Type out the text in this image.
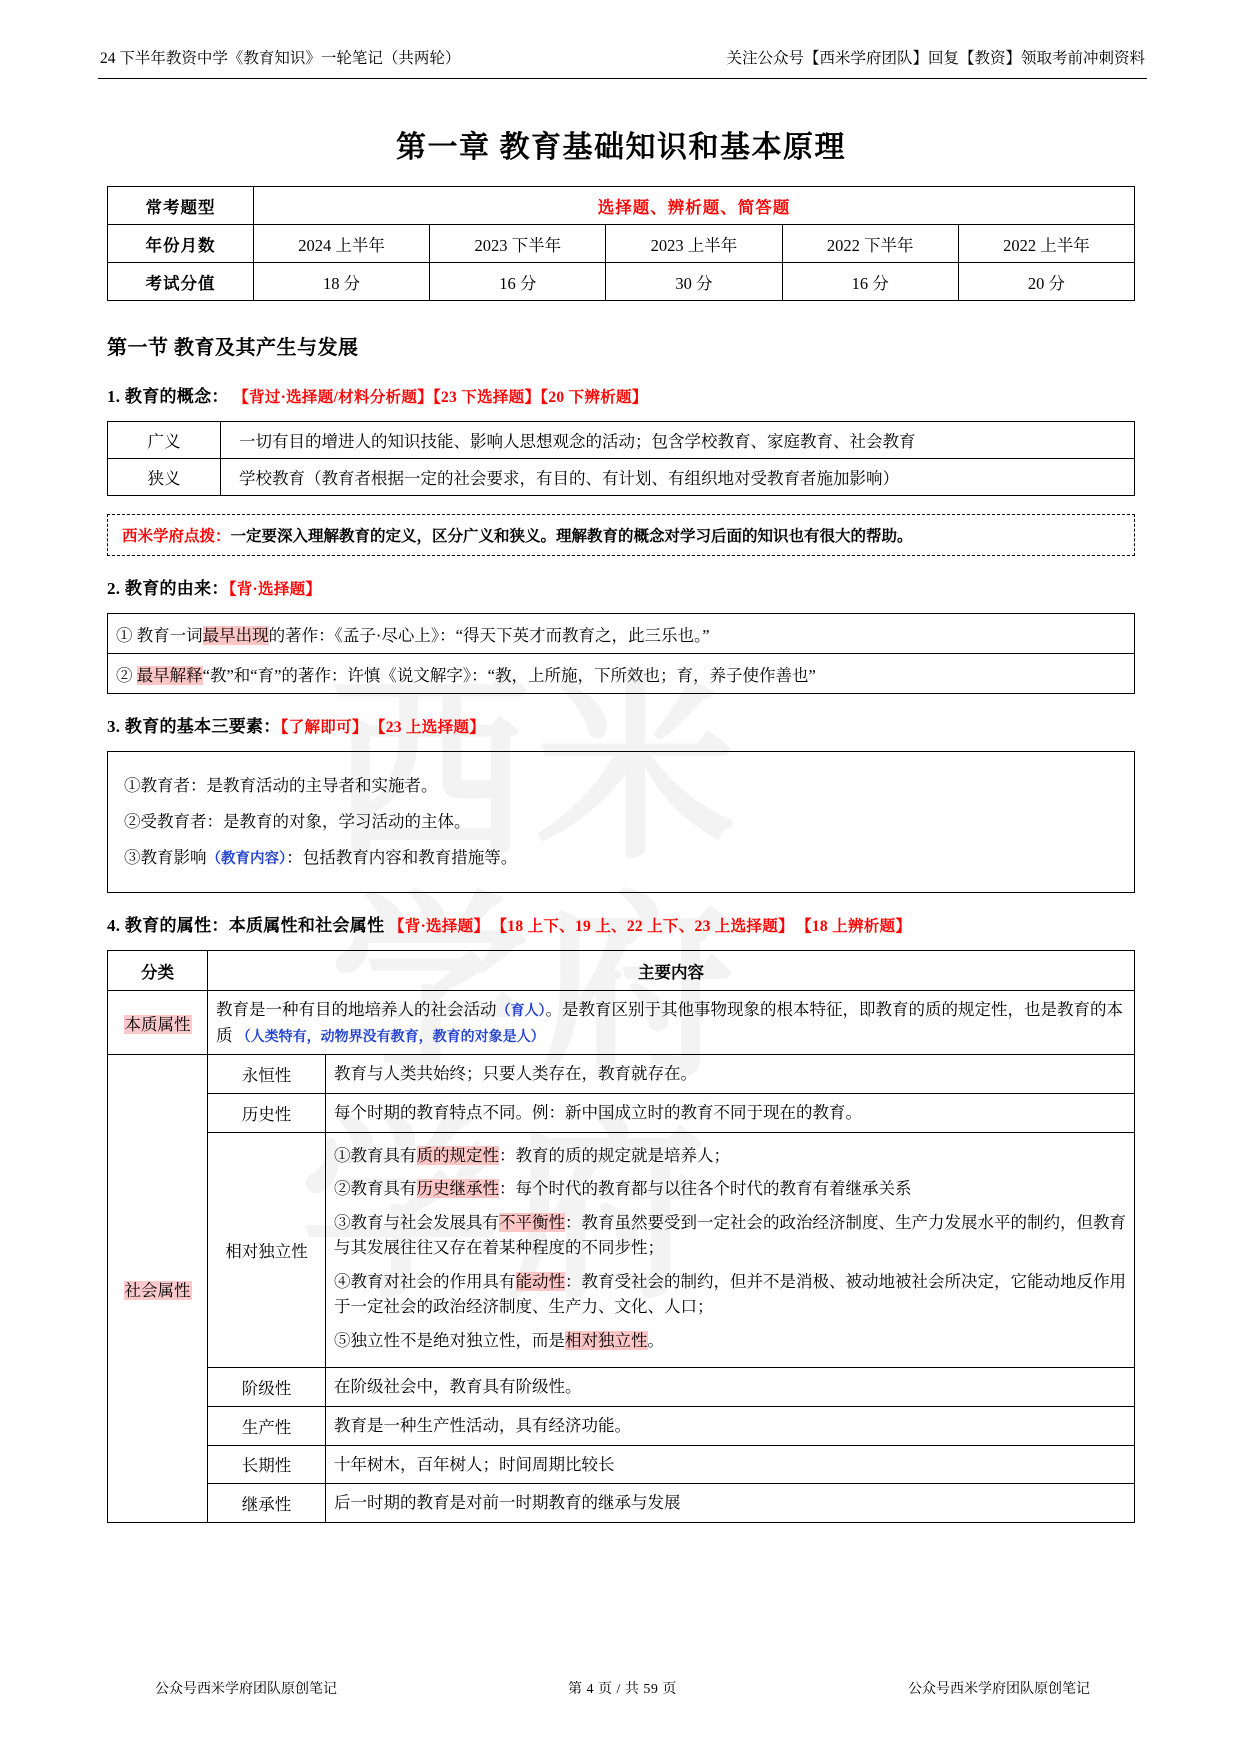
24 下半年教资中学《教育知识》一轮笔记（共两轮）	关注公众号【西米学府团队】回复【教资】领取考前冲刺资料
第一章 教育基础知识和基本原理
常考题型	选择题、辨析题、简答题				
年份月数	2024 上半年	2023 下半年	2023 上半年	2022 下半年	2022 上半年
考试分值	18 分	16 分	30 分	16 分	20 分
第一节 教育及其产生与发展
1. 教育的概念： 【背过·选择题/材料分析题】【23 下选择题】【20 下辨析题】
广义	一切有目的增进人的知识技能、影响人思想观念的活动；包含学校教育、家庭教育、社会教育
狭义	学校教育（教育者根据一定的社会要求，有目的、有计划、有组织地对受教育者施加影响）
西米学府点拨：一定要深入理解教育的定义，区分广义和狭义。理解教育的概念对学习后面的知识也有很大的帮助。
2. 教育的由来：【背·选择题】
① 教育一词最早出现的著作：《孟子·尽心上》：“得天下英才而教育之，此三乐也。”
② 最早解释“教”和“育”的著作：许慎《说文解字》：“教，上所施，下所效也；育，养子使作善也”
3. 教育的基本三要素：【了解即可】 【23 上选择题】

①教育者：是教育活动的主导者和实施者。

②受教育者：是教育的对象，学习活动的主体。

③教育影响（教育内容）：包括教育内容和教育措施等。

4. 教育的属性：本质属性和社会属性 【背·选择题】 【18 上下、19 上、22 上下、23 上选择题】 【18 上辨析题】
分类	主要内容	
本质属性	教育是一种有目的地培养人的社会活动（育人）。是教育区别于其他事物现象的根本特征，即教育的质的规定性，也是教育的本质 （人类特有，动物界没有教育，教育的对象是人）	
社会属性	永恒性	教育与人类共始终；只要人类存在，教育就存在。
	历史性	每个时期的教育特点不同。例：新中国成立时的教育不同于现在的教育。
	相对独立性	①教育具有质的规定性：教育的质的规定就是培养人；

②教育具有历史继承性：每个时代的教育都与以往各个时代的教育有着继承关系

③教育与社会发展具有不平衡性：教育虽然要受到一定社会的政治经济制度、生产力发展水平的制约，但教育与其发展往往又存在着某种程度的不同步性；

④教育对社会的作用具有能动性：教育受社会的制约，但并不是消极、被动地被社会所决定，它能动地反作用于一定社会的政治经济制度、生产力、文化、人口；

⑤独立性不是绝对独立性，而是相对独立性。

	阶级性	在阶级社会中，教育具有阶级性。
	生产性	教育是一种生产性活动，具有经济功能。
	长期性	十年树木，百年树人；时间周期比较长
	继承性	后一时期的教育是对前一时期教育的继承与发展
公众号西米学府团队原创笔记	第 4 页 / 共 59 页	公众号西米学府团队原创笔记
